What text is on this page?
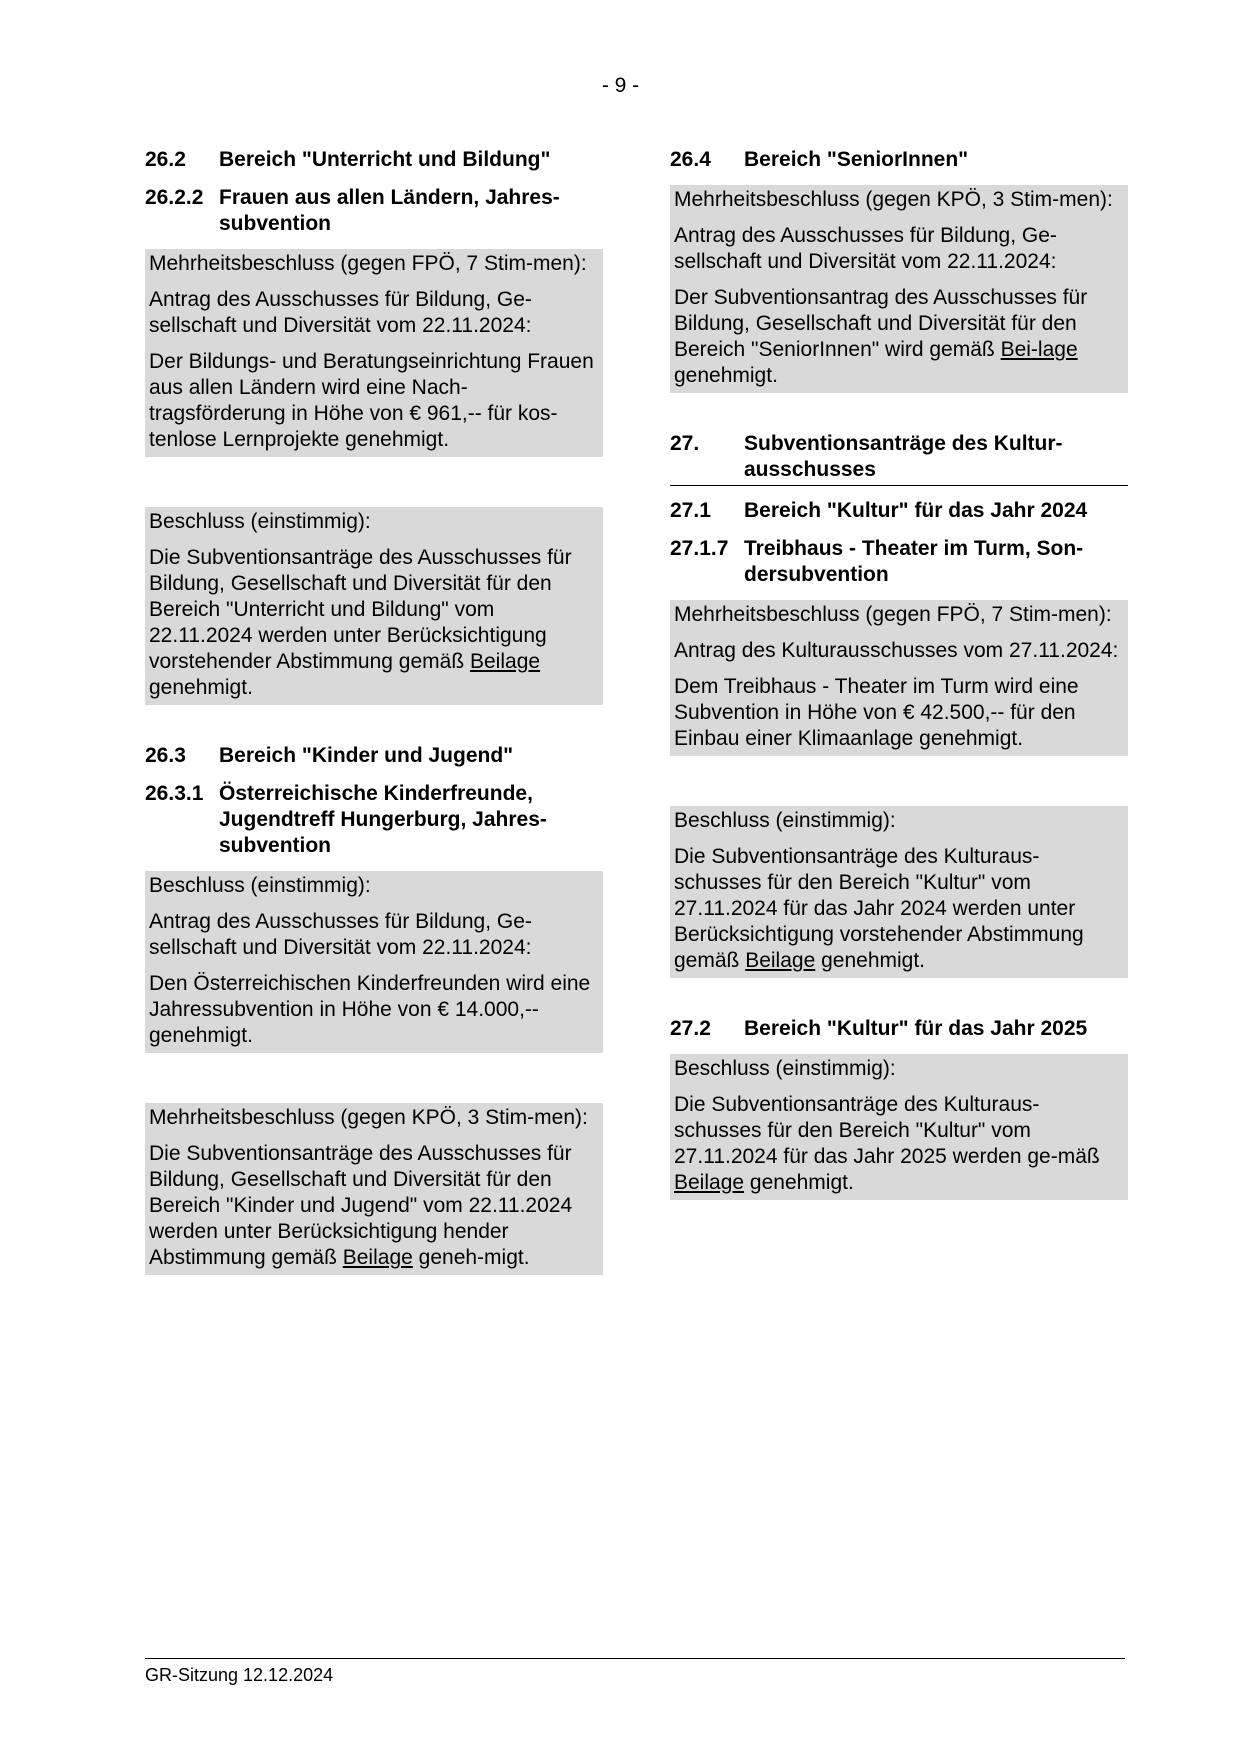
- 9 -
26.2	Bereich "Unterricht und Bildung"
26.2.2 Frauen aus allen Ländern, Jahres-subvention

Mehrheitsbeschluss (gegen FPÖ, 7 Stim-men):

Antrag des Ausschusses für Bildung, Ge-sellschaft und Diversität vom 22.11.2024:

Der Bildungs- und Beratungseinrichtung Frauen aus allen Ländern wird eine Nach-tragsförderung in Höhe von € 961,-- für kos-tenlose Lernprojekte genehmigt.

Beschluss (einstimmig):

Die Subventionsanträge des Ausschusses für Bildung, Gesellschaft und Diversität für den Bereich "Unterricht und Bildung" vom 22.11.2024 werden unter Berücksichtigung vorstehender Abstimmung gemäß Beilage genehmigt.

26.3	Bereich "Kinder und Jugend"
26.3.1 Österreichische Kinderfreunde, Jugendtreff Hungerburg, Jahres-subvention

Beschluss (einstimmig):

Antrag des Ausschusses für Bildung, Ge-sellschaft und Diversität vom 22.11.2024:

Den Österreichischen Kinderfreunden wird eine Jahressubvention in Höhe von € 14.000,-- genehmigt.

Mehrheitsbeschluss (gegen KPÖ, 3 Stim-men):

Die Subventionsanträge des Ausschusses für Bildung, Gesellschaft und Diversität für den Bereich "Kinder und Jugend" vom 22.11.2024 werden unter Berücksichtigung hender Abstimmung gemäß Beilage geneh-migt.

26.4	Bereich "SeniorInnen"

Mehrheitsbeschluss (gegen KPÖ, 3 Stim-men):

Antrag des Ausschusses für Bildung, Ge-sellschaft und Diversität vom 22.11.2024:

Der Subventionsantrag des Ausschusses für Bildung, Gesellschaft und Diversität für den Bereich "SeniorInnen" wird gemäß Bei-lage genehmigt.

27.	Subventionsanträge des Kultur-ausschusses
27.1	Bereich "Kultur" für das Jahr 2024
27.1.7 Treibhaus - Theater im Turm, Son-dersubvention

Mehrheitsbeschluss (gegen FPÖ, 7 Stim-men):

Antrag des Kulturausschusses vom 27.11.2024:

Dem Treibhaus - Theater im Turm wird eine Subvention in Höhe von € 42.500,-- für den Einbau einer Klimaanlage genehmigt.

Beschluss (einstimmig):

Die Subventionsanträge des Kulturaus-schusses für den Bereich "Kultur" vom 27.11.2024 für das Jahr 2024 werden unter Berücksichtigung vorstehender Abstimmung gemäß Beilage genehmigt.

27.2	Bereich "Kultur" für das Jahr 2025

Beschluss (einstimmig):

Die Subventionsanträge des Kulturaus-schusses für den Bereich "Kultur" vom 27.11.2024 für das Jahr 2025 werden ge-mäß Beilage genehmigt.

GR-Sitzung 12.12.2024
